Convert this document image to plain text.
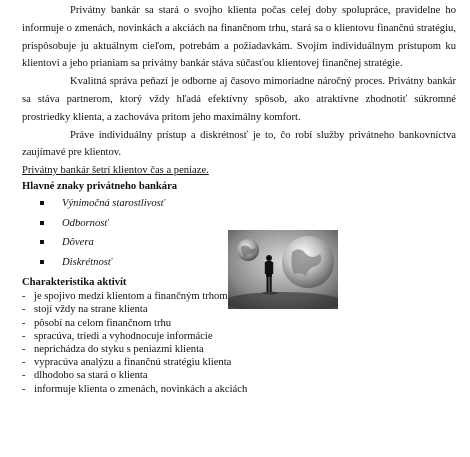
Privátny bankár sa stará o svojho klienta počas celej doby spolupráce, pravidelne ho informuje o zmenách, novinkách a akciách na finančnom trhu, stará sa o klientovu finančnú stratégiu, prispôsobuje ju aktuálnym cieľom, potrebám a požiadavkám. Svojím individuálnym prístupom ku klientovi a jeho prianiam sa privátny bankár stáva súčasťou klientovej finančnej stratégie.

Kvalitná správa peňazí je odborne aj časovo mimoriadne náročný proces. Privátny bankár sa stáva partnerom, ktorý vždy hľadá efektívny spôsob, ako atraktívne zhodnotiť súkromné prostriedky klienta, a zachováva pritom jeho maximálny komfort.

Práve individuálny prístup a diskrétnosť je to, čo robí služby privátneho bankovníctva zaujímavé pre klientov.

Privátny bankár šetrí klientov čas a peniaze.

Hlavné znaky privátneho bankára

Výnimočná starostlivosť
Odbornosť
Dôvera
Diskrétnosť

Charakteristika aktivít

- je spojivo medzi klientom a finančným trhom
- stojí vždy na strane klienta
- pôsobí na celom finančnom trhu
- spracúva, triedi a vyhodnocuje informácie
- neprichádza do styku s peniazmi klienta
- vypracúva analýzu a finančnú stratégiu klienta
- dlhodobo sa stará o klienta
- informuje klienta o zmenách, novinkách a akciách
